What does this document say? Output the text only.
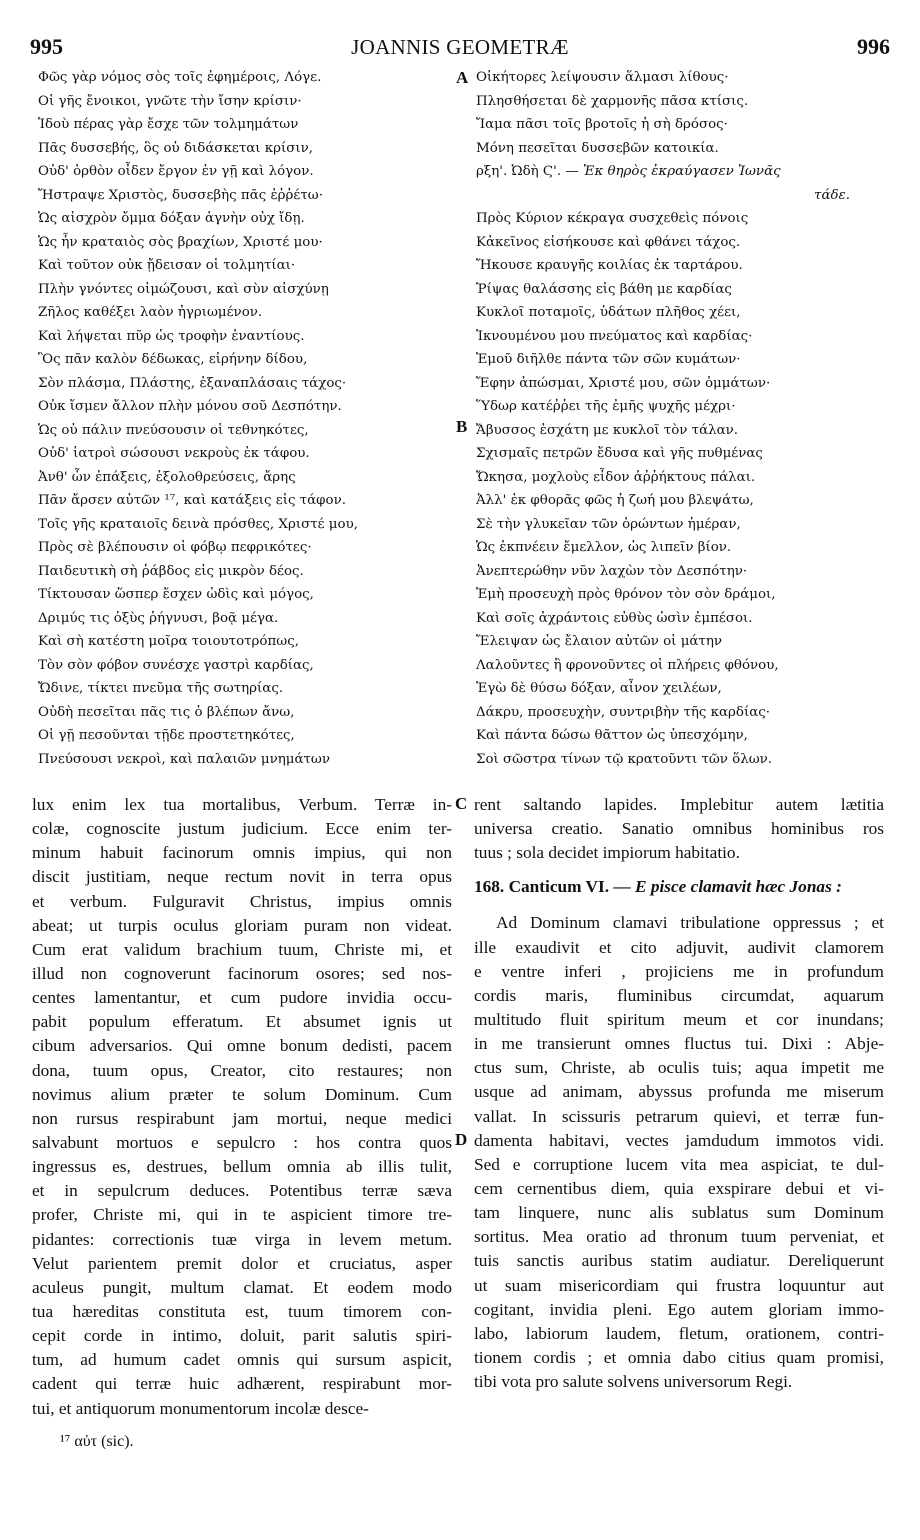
995	JOANNIS GEOMETRÆ	996
Φῶς γὰρ νόμος σὸς τοῖς ἐφημέροις, Λόγε.
Οἱ γῆς ἔνοικοι, γνῶτε τὴν ἴσην κρίσιν·
Ἰδοὺ πέρας γὰρ ἔσχε τῶν τολμημάτων
Πᾶς δυσσεβής, ὃς οὐ διδάσκεται κρίσιν,
Οὐδ' ὀρθὸν οἶδεν ἔργον ἐν γῇ καὶ λόγον.
Ἤστραψε Χριστὸς, δυσσεβὴς πᾶς ἐῤῥέτω·
Ὡς αἰσχρὸν ὄμμα δόξαν ἁγνὴν οὐχ ἴδῃ.
Ὡς ἦν κραταιὸς σὸς βραχίων, Χριστέ μου·
Καὶ τοῦτον οὐκ ᾔδεισαν οἱ τολμητίαι·
Πλὴν γνόντες οἰμώζουσι, καὶ σὺν αἰσχύνῃ
Ζῆλος καθέξει λαὸν ἠγριωμένον.
Καὶ λήψεται πῦρ ὡς τροφὴν ἐναντίους.
Ὃς πᾶν καλὸν δέδωκας, εἰρήνην δίδου,
Σὸν πλάσμα, Πλάστης, ἐξαναπλάσαις τάχος·
Οὐκ ἴσμεν ἄλλον πλὴν μόνου σοῦ Δεσπότην.
Ὡς οὐ πάλιν πνεύσουσιν οἱ τεθνηκότες,
Οὐδ' ἰατροὶ σώσουσι νεκροὺς ἐκ τάφου.
Ἀνθ' ὧν ἐπάξεις, ἐξολοθρεύσεις, ἄρης
Πᾶν ἄρσεν αὐτῶν ¹⁷, καὶ κατάξεις εἰς τάφον.
Τοῖς γῆς κραταιοῖς δεινὰ πρόσθες, Χριστέ μου,
Πρὸς σὲ βλέπουσιν οἱ φόβῳ πεφρικότες·
Παιδευτικὴ σὴ ῥάβδος εἰς μικρὸν δέος.
Τίκτουσαν ὥσπερ ἔσχεν ὠδὶς καὶ μόγος,
Δριμύς τις ὀξὺς ῥήγνυσι, βοᾷ μέγα.
Καὶ σὴ κατέστη μοῖρα τοιουτοτρόπως,
Τὸν σὸν φόβον συνέσχε γαστρὶ καρδίας,
Ὤδινε, τίκτει πνεῦμα τῆς σωτηρίας.
Οὐδὴ πεσεῖται πᾶς τις ὁ βλέπων ἄνω,
Οἱ γῇ πεσοῦνται τῇδε προστετηκότες,
Πνεύσουσι νεκροὶ, καὶ παλαιῶν μνημάτων
Οἰκήτορες λείψουσιν ἅλμασι λίθους·
Πλησθήσεται δὲ χαρμονῆς πᾶσα κτίσις.
Ἴαμα πᾶσι τοῖς βροτοῖς ἡ σὴ δρόσος·
Μόνη πεσεῖται δυσσεβῶν κατοικία.
ρξη'. Ὠδὴ Ϛ'. — Ἐκ θηρὸς ἐκραύγασεν Ἰωνᾶς
τάδε.
Πρὸς Κύριον κέκραγα συσχεθεὶς πόνοις
Κἀκεῖνος εἰσήκουσε καὶ φθάνει τάχος.
Ἤκουσε κραυγῆς κοιλίας ἐκ ταρτάρου.
Ῥίψας θαλάσσης εἰς βάθη με καρδίας
Κυκλοῖ ποταμοῖς, ὑδάτων πλῆθος χέει,
Ἰκνουμένου μου πνεύματος καὶ καρδίας·
Ἐμοῦ διῆλθε πάντα τῶν σῶν κυμάτων·
Ἔφην ἀπώσμαι, Χριστέ μου, σῶν ὀμμάτων·
Ὕδωρ κατέῤῥει τῆς ἐμῆς ψυχῆς μέχρι·
Ἄβυσσος ἐσχάτη με κυκλοῖ τὸν τάλαν.
Σχισμαῖς πετρῶν ἔδυσα καὶ γῆς πυθμένας
Ὤκησα, μοχλοὺς εἶδον ἀῤῥήκτους πάλαι.
Ἀλλ' ἐκ φθορᾶς φῶς ἡ ζωή μου βλεψάτω,
Σὲ τὴν γλυκεῖαν τῶν ὁρώντων ἡμέραν,
Ὡς ἐκπνέειν ἔμελλον, ὡς λιπεῖν βίον.
Ἀνεπτερώθην νῦν λαχὼν τὸν Δεσπότην·
Ἐμὴ προσευχὴ πρὸς θρόνον τὸν σὸν δράμοι,
Καὶ σοῖς ἀχράντοις εὐθὺς ὠσὶν ἐμπέσοι.
Ἔλειψαν ὡς ἔλαιον αὐτῶν οἱ μάτην
Λαλοῦντες ἢ φρονοῦντες οἱ πλήρεις φθόνου,
Ἐγὼ δὲ θύσω δόξαν, αἶνον χειλέων,
Δάκρυ, προσευχὴν, συντριβὴν τῆς καρδίας·
Καὶ πάντα δώσω θᾶττον ὡς ὑπεσχόμην,
Σοὶ σῶστρα τίνων τῷ κρατοῦντι τῶν ὅλων.
A
B
C
D
lux enim lex tua mortalibus, Verbum. Terræ in-
colæ, cognoscite justum judicium. Ecce enim ter-
minum habuit facinorum omnis impius, qui non
discit justitiam, neque rectum novit in terra opus
et verbum. Fulguravit Christus, impius omnis
abeat; ut turpis oculus gloriam puram non videat.
Cum erat validum brachium tuum, Christe mi, et
illud non cognoverunt facinorum osores; sed nos-
centes lamentantur, et cum pudore invidia occu-
pabit populum efferatum. Et absumet ignis ut
cibum adversarios. Qui omne bonum dedisti, pacem
dona, tuum opus, Creator, cito restaures; non
novimus alium præter te solum Dominum. Cum
non rursus respirabunt jam mortui, neque medici
salvabunt mortuos e sepulcro : hos contra quos
ingressus es, destrues, bellum omnia ab illis tulit,
et in sepulcrum deduces. Potentibus terræ sæva
profer, Christe mi, qui in te aspicient timore tre-
pidantes: correctionis tuæ virga in levem metum.
Velut parientem premit dolor et cruciatus, asper
aculeus pungit, multum clamat. Et eodem modo
tua hæreditas constituta est, tuum timorem con-
cepit corde in intimo, doluit, parit salutis spiri-
tum, ad humum cadet omnis qui sursum aspicit,
cadent qui terræ huic adhærent, respirabunt mor-
tui, et antiquorum monumentorum incolæ desce-
rent saltando lapides. Implebitur autem lætitia
universa creatio. Sanatio omnibus hominibus ros
tuus ; sola decidet impiorum habitatio.
168. Canticum VI. — E pisce clamavit hæc Jonas :
Ad Dominum clamavi tribulatione oppressus ; et
ille exaudivit et cito adjuvit, audivit clamorem
e ventre inferi , projiciens me in profundum
cordis maris, fluminibus circumdat, aquarum
multitudo fluit spiritum meum et cor inundans;
in me transierunt omnes fluctus tui. Dixi : Abje-
ctus sum, Christe, ab oculis tuis; aqua impetit me
usque ad animam, abyssus profunda me miserum
vallat. In scissuris petrarum quievi, et terræ fun-
damenta habitavi, vectes jamdudum immotos vidi.
Sed e corruptione lucem vita mea aspiciat, te dul-
cem cernentibus diem, quia exspirare debui et vi-
tam linquere, nunc alis sublatus sum Dominum
sortitus. Mea oratio ad thronum tuum perveniat, et
tuis sanctis auribus statim audiatur. Dereliquerunt
ut suam misericordiam qui frustra loquuntur aut
cogitant, invidia pleni. Ego autem gloriam immo-
labo, labiorum laudem, fletum, orationem, contri-
tionem cordis ; et omnia dabo citius quam promisi,
tibi vota pro salute solvens universorum Regi.
¹⁷ αὐτ (sic).
